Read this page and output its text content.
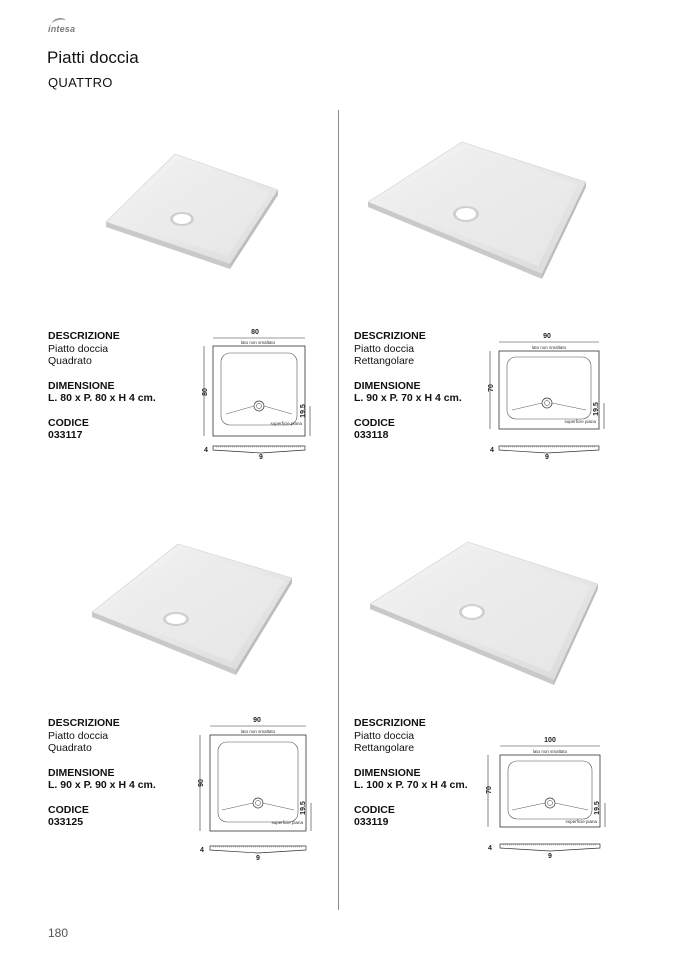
intesa
Piatti doccia
QUATTRO
DESCRIZIONE
Piatto doccia
Quadrato
DIMENSIONE
L. 80 x P. 80 x H 4 cm.
CODICE
033117
80
lato non smaltato
80
19.5
superficie piana
4
9
DESCRIZIONE
Piatto doccia
Rettangolare
DIMENSIONE
L. 90 x P. 70 x H 4 cm.
CODICE
033118
90
lato non smaltato
70
19.5
superficie piana
4
9
DESCRIZIONE
Piatto doccia
Quadrato
DIMENSIONE
L. 90 x P. 90 x H 4 cm.
CODICE
033125
90
lato non smaltato
90
19.5
superficie piana
4
9
DESCRIZIONE
Piatto doccia
Rettangolare
DIMENSIONE
L. 100 x P. 70 x H 4 cm.
CODICE
033119
100
lato non smaltato
70
19.5
superficie piana
4
9
180
